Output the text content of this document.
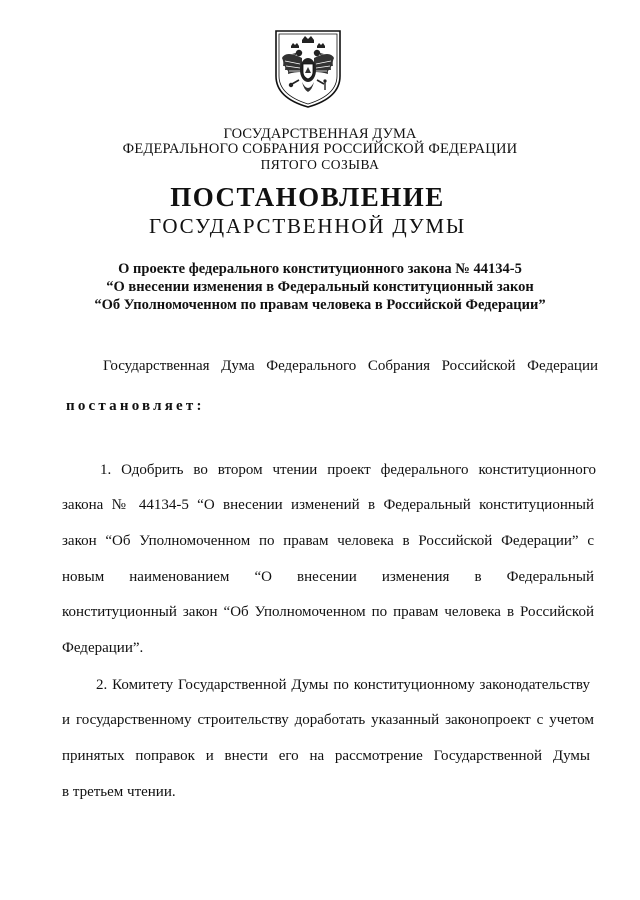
ГОСУДАРСТВЕННАЯ ДУМА
ФЕДЕРАЛЬНОГО СОБРАНИЯ РОССИЙСКОЙ ФЕДЕРАЦИИ
ПЯТОГО СОЗЫВА
ПОСТАНОВЛЕНИЕ
ГОСУДАРСТВЕННОЙ ДУМЫ
О проекте федерального конституционного закона № 44134-5
“О внесении изменения в Федеральный конституционный закон
“Об Уполномоченном по правам человека в Российской Федерации”
Государственная Дума Федерального Собрания Российской Федерации
постановляет:
1. Одобрить во втором чтении проект федерального конституционного
закона № 44134-5 “О внесении изменений в Федеральный конституционный
закон “Об Уполномоченном по правам человека в Российской Федерации” с
новым наименованием “О внесении изменения в Федеральный
конституционный закон “Об Уполномоченном по правам человека в Российской
Федерации”.
2. Комитету Государственной Думы по конституционному законодательству
и государственному строительству доработать указанный законопроект с учетом
принятых поправок и внести его на рассмотрение Государственной Думы
в третьем чтении.
